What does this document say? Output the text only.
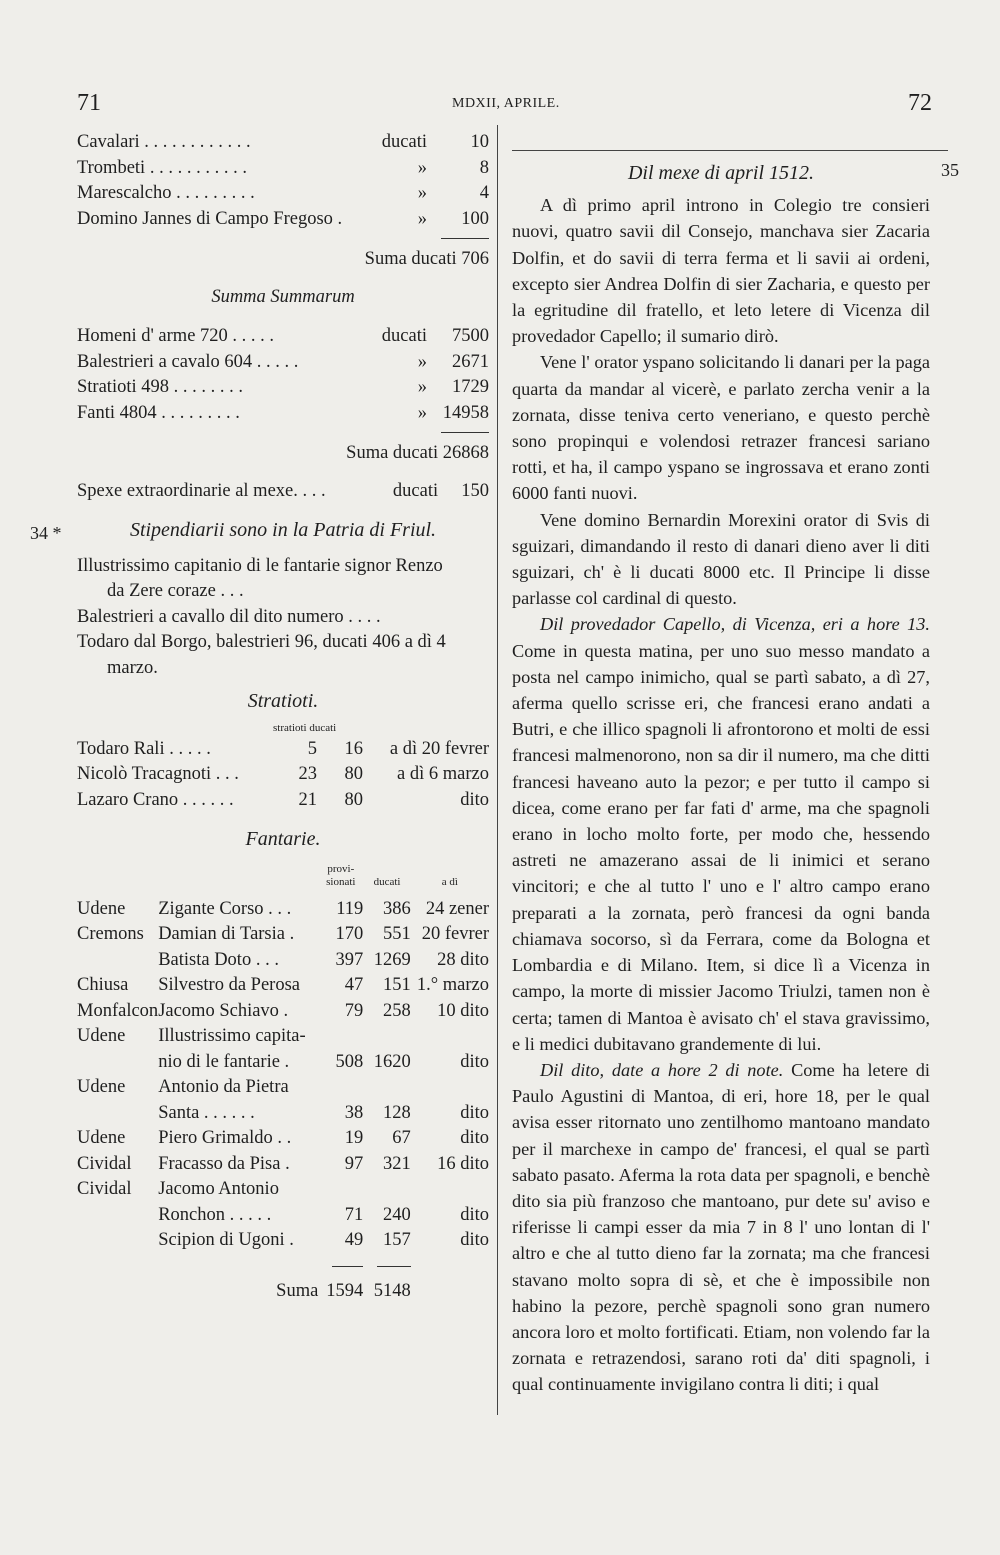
71	MDXII, APRILE.	72
34 *
Cavalari . . . . . . . . . . . .	ducati 10
Trombeti . . . . . . . . . . .	»	8
Marescalcho . . . . . . . . .	»	4
Domino Jannes di Campo Fregoso .	» 100
Suma ducati 706
Summa Summarum
Homeni d' arme 720 . . . . .	ducati 7500
Balestrieri a cavalo 604 . . . . .	» 2671
Stratioti 498 . . . . . . . .	» 1729
Fanti 4804 . . . . . . . . .	» 14958
Suma ducati 26868
Spexe extraordinarie al mexe. . . .	ducati 150
Stipendiarii sono in la Patria di Friul.
Illustrissimo capitanio di le fantarie signor Renzo
da Zere coraze . . .
Balestrieri a cavallo dil dito numero . . . .
Todaro dal Borgo, balestrieri 96, ducati 406 a dì 4
marzo.
Stratioti.
stratioti ducati
Todaro Rali . . . . .	5	16	a dì 20 fevrer
Nicolò Tracagnoti . . .	23	80	a dì 6 marzo
Lazaro Crano . . . . . .	21	80	dito
Fantarie.
		provi- sionati	ducati	a dì
Udene	Zigante Corso . . .	119	386	24 zener
Cremons	Damian di Tarsia .	170	551	20 fevrer
	Batista Doto . . .	397	1269	28 dito
Chiusa	Silvestro da Perosa	47	151	1.° marzo
Monfalcon	Jacomo Schiavo .	79	258	10 dito
Udene	Illustrissimo capita-			
	nio di le fantarie .	508	1620	dito
Udene	Antonio da Pietra			
	Santa . . . . . .	38	128	dito
Udene	Piero Grimaldo . .	19	67	dito
Cividal	Fracasso da Pisa .	97	321	16 dito
Cividal	Jacomo Antonio			
	Ronchon . . . . .	71	240	dito
	Scipion di Ugoni .	49	157	dito

	Suma	1594	5148	
35
Dil mexe di april 1512.

A dì primo april introno in Colegio tre consieri nuovi, quatro savii dil Consejo, manchava sier Zacaria Dolfin, et do savii di terra ferma et li savii ai ordeni, excepto sier Andrea Dolfin di sier Zacharia, e questo per la egritudine dil fratello, et leto letere di Vicenza dil provedador Capello; il sumario dirò.

Vene l' orator yspano solicitando li danari per la paga quarta da mandar al vicerè, e parlato zercha venir a la zornata, disse teniva certo veneriano, e questo perchè sono propinqui e volendosi retrazer francesi sariano rotti, et ha, il campo yspano se ingrossava et erano zonti 6000 fanti nuovi.

Vene domino Bernardin Morexini orator di Svis di sguizari, dimandando il resto di danari dieno aver li diti sguizari, ch' è li ducati 8000 etc. Il Principe li disse parlasse col cardinal di questo.

Dil provedador Capello, di Vicenza, eri a hore 13. Come in questa matina, per uno suo messo mandato a posta nel campo inimicho, qual se partì sabato, a dì 27, aferma quello scrisse eri, che francesi erano andati a Butri, e che illico spagnoli li afrontorono et molti de essi francesi malmenorono, non sa dir il numero, ma che ditti francesi haveano auto la pezor; e per tutto il campo si dicea, come erano per far fati d' arme, ma che spagnoli erano in locho molto forte, per modo che, hessendo astreti ne amazerano assai de li inimici et serano vincitori; e che al tutto l' uno e l' altro campo erano preparati a la zornata, però francesi da ogni banda chiamava socorso, sì da Ferrara, come da Bologna et Lombardia e di Milano. Item, si dice lì a Vicenza in campo, la morte di missier Jacomo Triulzi, tamen non è certa; tamen di Mantoa è avisato ch' el stava gravissimo, e li medici dubitavano grandemente di lui.

Dil dito, date a hore 2 di note. Come ha letere di Paulo Agustini di Mantoa, di eri, hore 18, per le qual avisa esser ritornato uno zentilhomo mantoano mandato per il marchexe in campo de' francesi, el qual se partì sabato pasato. Aferma la rota data per spagnoli, e benchè dito sia più franzoso che mantoano, pur dete su' aviso e riferisse li campi esser da mia 7 in 8 l' uno lontan di l' altro e che al tutto dieno far la zornata; ma che francesi stavano molto sopra di sè, et che è impossibile non habino la pezore, perchè spagnoli sono gran numero ancora loro et molto fortificati. Etiam, non volendo far la zornata e retrazendosi, sarano roti da' diti spagnoli, i qual continuamente invigilano contra li diti; i qual
